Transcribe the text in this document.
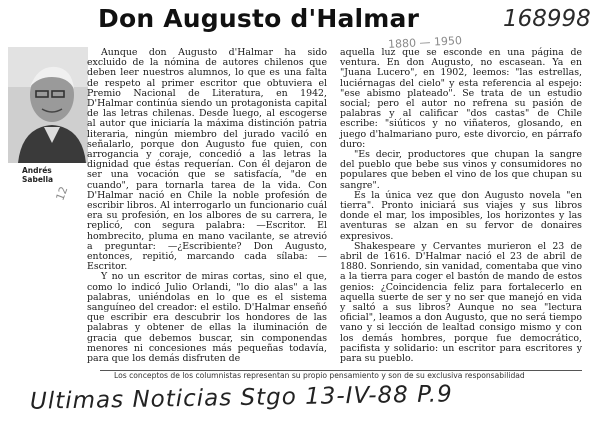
Don Augusto d'Halmar	168998
1880 — 1950
12
Andrés
Sabella

Aunque don Augusto d'Halmar ha sido excluido de la nómina de autores chilenos que deben leer nuestros alumnos, lo que es una falta de respeto al primer escritor que obtuviera el Premio Nacional de Literatura, en 1942, D'Halmar continúa siendo un protagonista capital de las letras chilenas. Desde luego, al escogerse al autor que iniciaría la máxima distinción patria literaria, ningún miembro del jurado vaciló en señalarlo, porque don Augusto fue quien, con arrogancia y coraje, concedió a las letras la dignidad que éstas requerían. Con él dejaron de ser una vocación que se satisfacía, "de en cuando", para tornarla tarea de la vida. Con D'Halmar nació en Chile la noble profesión de escribir libros. Al interrogarlo un funcionario cuál era su profesión, en los albores de su carrera, le replicó, con segura palabra: —Escritor. El hombrecito, pluma en mano vacilante, se atrevió a preguntar: —¿Escribiente? Don Augusto, entonces, repitió, marcando cada sílaba: —Escritor.

Y no un escritor de miras cortas, sino el que, como lo indicó Julio Orlandi, "lo dio alas" a las palabras, uniéndolas en lo que es el sistema sanguíneo del creador: el estilo. D'Halmar enseñó que escribir era descubrir los hondores de las palabras y obtener de ellas la iluminación de gracia que debemos buscar, sin componendas menores ni concesiones más pequeñas todavía, para que los demás disfruten de

aquella luz que se esconde en una página de ventura. En don Augusto, no escasean. Ya en "Juana Lucero", en 1902, leemos: "las estrellas, luciérnagas del cielo" y esta referencia al espejo: "ese abismo plateado". Se trata de un estudio social; pero el autor no refrena su pasión de palabras y al calificar "dos castas" de Chile escribe: "siúticos y no viñateros, glosando, en juego d'halmariano puro, este divorcio, en párrafo duro:

"Es decir, productores que chupan la sangre del pueblo que bebe sus vinos y consumidores no populares que beben el vino de los que chupan su sangre".

Es la única vez que don Augusto novela "en tierra". Pronto iniciará sus viajes y sus libros donde el mar, los imposibles, los horizontes y las aventuras se alzan en su fervor de donaires expresivos.

Shakespeare y Cervantes murieron el 23 de abril de 1616. D'Halmar nació el 23 de abril de 1880. Sonriendo, sin vanidad, comentaba que vino a la tierra para coger el bastón de mando de estos genios: ¿Coincidencia feliz para fortalecerlo en aquella suerte de ser y no ser que manejó en vida y saltó a sus libros? Aunque no sea "lectura oficial", leamos a don Augusto, que no será tiempo vano y si lección de lealtad consigo mismo y con los demás hombres, porque fue democrático, pacifista y solidario: un escritor para escritores y para su pueblo.

Los conceptos de los columnistas representan su propio pensamiento y son de su exclusiva responsabilidad
Ultimas Noticias Stgo 13-IV-88 P.9
